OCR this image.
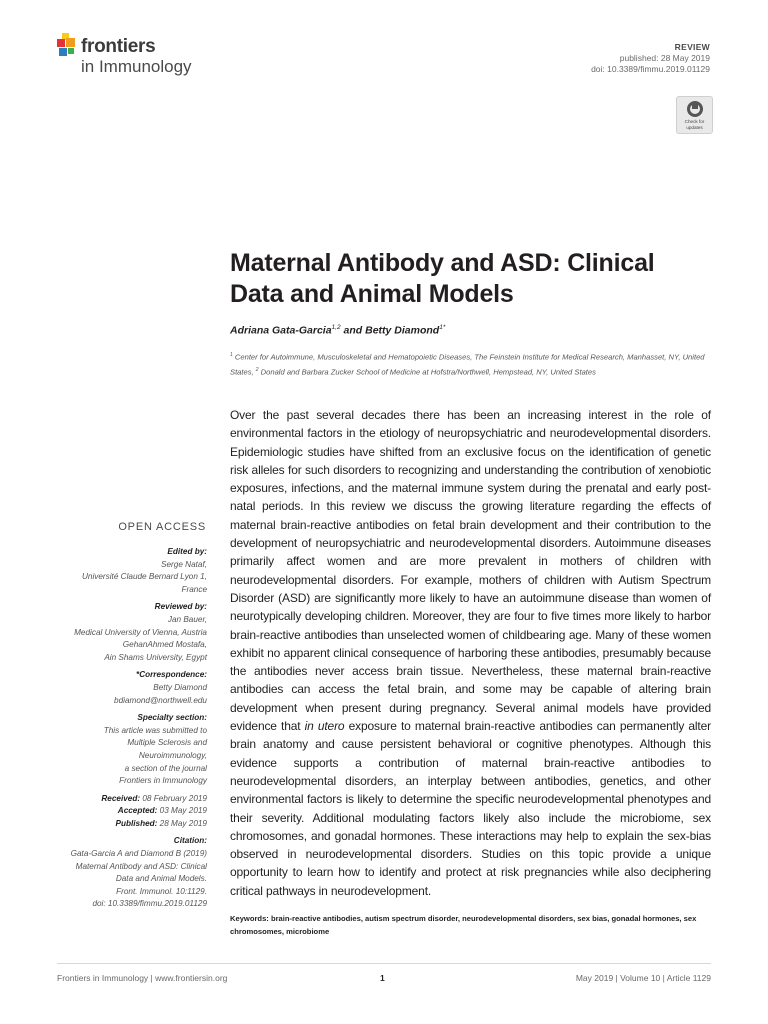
frontiers
in Immunology
REVIEW
published: 28 May 2019
doi: 10.3389/fimmu.2019.01129
Check for
updates
Maternal Antibody and ASD: Clinical Data and Animal Models
Adriana Gata-Garcia$^{1,2}$ and Betty Diamond$^{1*}$
$^1$ Center for Autoimmune, Musculoskeletal and Hematopoietic Diseases, The Feinstein Institute for Medical Research, Manhasset, NY, United States, $^2$ Donald and Barbara Zucker School of Medicine at Hofstra/Northwell, Hempstead, NY, United States
Over the past several decades there has been an increasing interest in the role of environmental factors in the etiology of neuropsychiatric and neurodevelopmental disorders. Epidemiologic studies have shifted from an exclusive focus on the identification of genetic risk alleles for such disorders to recognizing and understanding the contribution of xenobiotic exposures, infections, and the maternal immune system during the prenatal and early post-natal periods. In this review we discuss the growing literature regarding the effects of maternal brain-reactive antibodies on fetal brain development and their contribution to the development of neuropsychiatric and neurodevelopmental disorders. Autoimmune diseases primarily affect women and are more prevalent in mothers of children with neurodevelopmental disorders. For example, mothers of children with Autism Spectrum Disorder (ASD) are significantly more likely to have an autoimmune disease than women of neurotypically developing children. Moreover, they are four to five times more likely to harbor brain-reactive antibodies than unselected women of childbearing age. Many of these women exhibit no apparent clinical consequence of harboring these antibodies, presumably because the antibodies never access brain tissue. Nevertheless, these maternal brain-reactive antibodies can access the fetal brain, and some may be capable of altering brain development when present during pregnancy. Several animal models have provided evidence that in utero exposure to maternal brain-reactive antibodies can permanently alter brain anatomy and cause persistent behavioral or cognitive phenotypes. Although this evidence supports a contribution of maternal brain-reactive antibodies to neurodevelopmental disorders, an interplay between antibodies, genetics, and other environmental factors is likely to determine the specific neurodevelopmental phenotypes and their severity. Additional modulating factors likely also include the microbiome, sex chromosomes, and gonadal hormones. These interactions may help to explain the sex-bias observed in neurodevelopmental disorders. Studies on this topic provide a unique opportunity to learn how to identify and protect at risk pregnancies while also deciphering critical pathways in neurodevelopment.
Keywords: brain-reactive antibodies, autism spectrum disorder, neurodevelopmental disorders, sex bias, gonadal hormones, sex chromosomes, microbiome
OPEN ACCESS
Edited by:
Serge Nataf,
Université Claude Bernard Lyon 1,
France
Reviewed by:
Jan Bauer,
Medical University of Vienna, Austria
GehanAhmed Mostafa,
Ain Shams University, Egypt
*Correspondence:
Betty Diamond
bdiamond@northwell.edu
Specialty section:
This article was submitted to
Multiple Sclerosis and
Neuroimmunology,
a section of the journal
Frontiers in Immunology
Received: 08 February 2019
Accepted: 03 May 2019
Published: 28 May 2019
Citation:
Gata-Garcia A and Diamond B (2019)
Maternal Antibody and ASD: Clinical
Data and Animal Models.
Front. Immunol. 10:1129.
doi: 10.3389/fimmu.2019.01129
Frontiers in Immunology | www.frontiersin.org	1	May 2019 | Volume 10 | Article 1129
